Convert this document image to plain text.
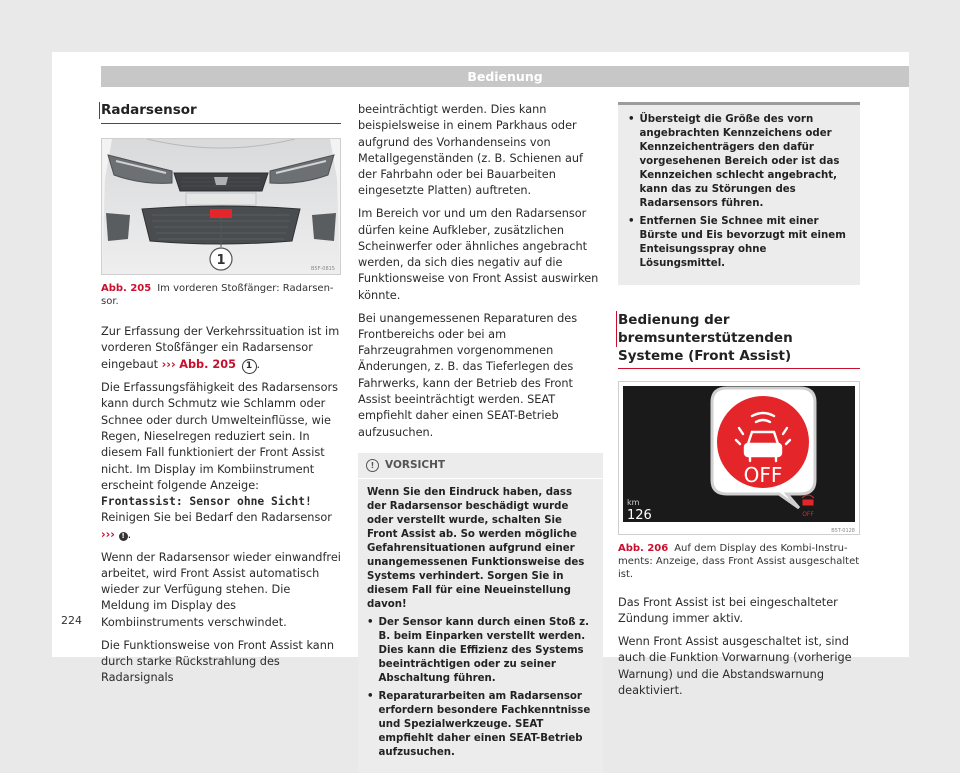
Bedienung
Radarsensor
1
B5F-0815
Abb. 205 Im vorderen Stoßfänger: Radarsensor.

Zur Erfassung der Verkehrssituation ist im vorderen Stoßfänger ein Radarsensor eingebaut ››› Abb. 205 1 .

Die Erfassungsfähigkeit des Radarsensors kann durch Schmutz wie Schlamm oder Schnee oder durch Umwelteinflüsse, wie Regen, Nieselregen reduziert sein. In diesem Fall funktioniert der Front Assist nicht. Im Display im Kombiinstrument erscheint folgende Anzeige: Frontassist: Sensor ohne Sicht! Reinigen Sie bei Bedarf den Radarsensor ››› ! .

Wenn der Radarsensor wieder einwandfrei arbeitet, wird Front Assist automatisch wieder zur Verfügung stehen. Die Meldung im Display des Kombiinstruments verschwindet.

Die Funktionsweise von Front Assist kann durch starke Rückstrahlung des Radarsignals

beeinträchtigt werden. Dies kann beispielsweise in einem Parkhaus oder aufgrund des Vorhandenseins von Metallgegenständen (z. B. Schienen auf der Fahrbahn oder bei Bauarbeiten eingesetzte Platten) auftreten.

Im Bereich vor und um den Radarsensor dürfen keine Aufkleber, zusätzlichen Scheinwerfer oder ähnliches angebracht werden, da sich dies negativ auf die Funktionsweise von Front Assist auswirken könnte.

Bei unangemessenen Reparaturen des Frontbereichs oder bei am Fahrzeugrahmen vorgenommenen Änderungen, z. B. das Tieferlegen des Fahrwerks, kann der Betrieb des Front Assist beeinträchtigt werden. SEAT empfiehlt daher einen SEAT-Betrieb aufzusuchen.

!	VORSICHT

Wenn Sie den Eindruck haben, dass der Radarsensor beschädigt wurde oder verstellt wurde, schalten Sie Front Assist ab. So werden mögliche Gefahrensituationen aufgrund einer unangemessenen Funktionsweise des Systems verhindert. Sorgen Sie in diesem Fall für eine Neueinstellung davon!

• Der Sensor kann durch einen Stoß z. B. beim Einparken verstellt werden. Dies kann die Effizienz des Systems beeinträchtigen oder zu seiner Abschaltung führen.
• Reparaturarbeiten am Radarsensor erfordern besondere Fachkenntnisse und Spezialwerkzeuge. SEAT empfiehlt daher einen SEAT-Betrieb aufzusuchen.
• Übersteigt die Größe des vorn angebrachten Kennzeichens oder Kennzeichenträgers den dafür vorgesehenen Bereich oder ist das Kennzeichen schlecht angebracht, kann das zu Störungen des Radarsensors führen.
• Entfernen Sie Schnee mit einer Bürste und Eis bevorzugt mit einem Enteisungsspray ohne Lösungsmittel.
Bedienung der bremsunterstützenden Systeme (Front Assist)
OFF
km
126	OFF
B5T-0128
Abb. 206 Auf dem Display des Kombi-Instruments: Anzeige, dass Front Assist ausgeschaltet ist.

Das Front Assist ist bei eingeschalteter Zündung immer aktiv.

Wenn Front Assist ausgeschaltet ist, sind auch die Funktion Vorwarnung (vorherige Warnung) und die Abstandswarnung deaktiviert.

224
